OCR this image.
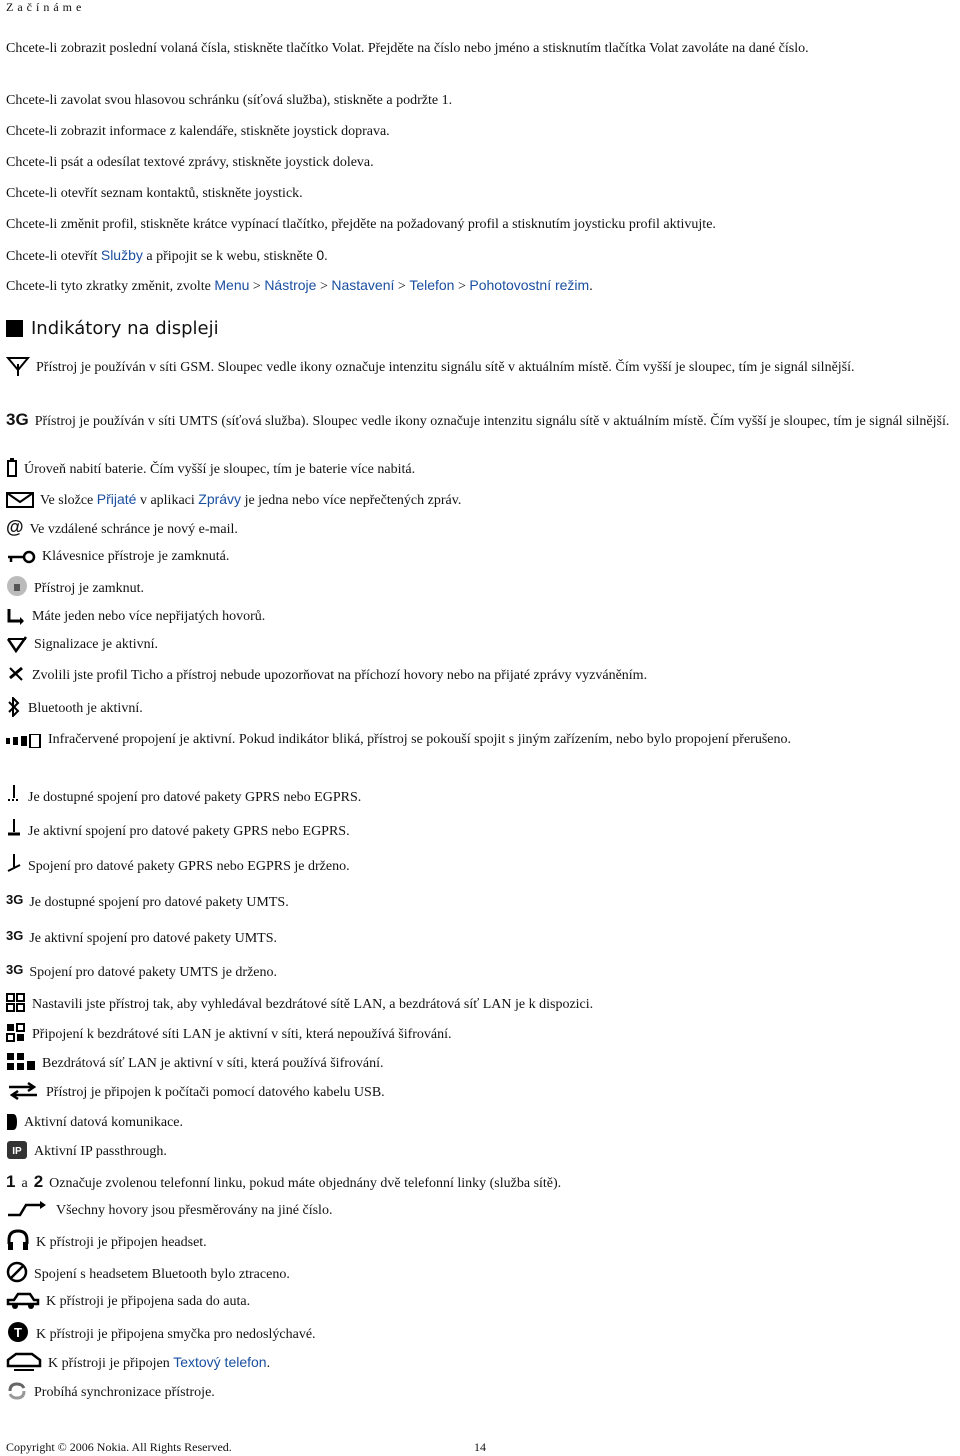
Začínáme
Chcete-li zobrazit poslední volaná čísla, stiskněte tlačítko Volat. Přejděte na číslo nebo jméno a stisknutím tlačítka Volat zavoláte na dané číslo.
Chcete-li zavolat svou hlasovou schránku (síťová služba), stiskněte a podržte 1.
Chcete-li zobrazit informace z kalendáře, stiskněte joystick doprava.
Chcete-li psát a odesílat textové zprávy, stiskněte joystick doleva.
Chcete-li otevřít seznam kontaktů, stiskněte joystick.
Chcete-li změnit profil, stiskněte krátce vypínací tlačítko, přejděte na požadovaný profil a stisknutím joysticku profil aktivujte.
Chcete-li otevřít Služby a připojit se k webu, stiskněte 0.
Chcete-li tyto zkratky změnit, zvolte Menu > Nástroje > Nastavení > Telefon > Pohotovostní režim.
Indikátory na displeji
Přístroj je používán v síti GSM. Sloupec vedle ikony označuje intenzitu signálu sítě v aktuálním místě. Čím vyšší je sloupec, tím je signál silnější.
3G Přístroj je používán v síti UMTS (síťová služba). Sloupec vedle ikony označuje intenzitu signálu sítě v aktuálním místě. Čím vyšší je sloupec, tím je signál silnější.
Úroveň nabití baterie. Čím vyšší je sloupec, tím je baterie více nabitá.
Ve složce Přijaté v aplikaci Zprávy je jedna nebo více nepřečtených zpráv.
@ Ve vzdálené schránce je nový e-mail.
Klávesnice přístroje je zamknutá.
Přístroj je zamknut.
Máte jeden nebo více nepřijatých hovorů.
Signalizace je aktivní.
Zvolili jste profil Ticho a přístroj nebude upozorňovat na příchozí hovory nebo na přijaté zprávy vyzváněním.
Bluetooth je aktivní.
Infračervené propojení je aktivní. Pokud indikátor bliká, přístroj se pokouší spojit s jiným zařízením, nebo bylo propojení přerušeno.
Je dostupné spojení pro datové pakety GPRS nebo EGPRS.
Je aktivní spojení pro datové pakety GPRS nebo EGPRS.
Spojení pro datové pakety GPRS nebo EGPRS je drženo.
3G Je dostupné spojení pro datové pakety UMTS.
3G Je aktivní spojení pro datové pakety UMTS.
3G Spojení pro datové pakety UMTS je drženo.
Nastavili jste přístroj tak, aby vyhledával bezdrátové sítě LAN, a bezdrátová síť LAN je k dispozici.
Připojení k bezdrátové síti LAN je aktivní v síti, která nepoužívá šifrování.
Bezdrátová síť LAN je aktivní v síti, která používá šifrování.
Přístroj je připojen k počítači pomocí datového kabelu USB.
Aktivní datová komunikace.
IP Aktivní IP passthrough.
1 a 2 Označuje zvolenou telefonní linku, pokud máte objednány dvě telefonní linky (služba sítě).
Všechny hovory jsou přesměrovány na jiné číslo.
K přístroji je připojen headset.
Spojení s headsetem Bluetooth bylo ztraceno.
K přístroji je připojena sada do auta.
T K přístroji je připojena smyčka pro nedoslýchavé.
K přístroji je připojen Textový telefon.
Probíhá synchronizace přístroje.
Copyright © 2006 Nokia. All Rights Reserved.	14
